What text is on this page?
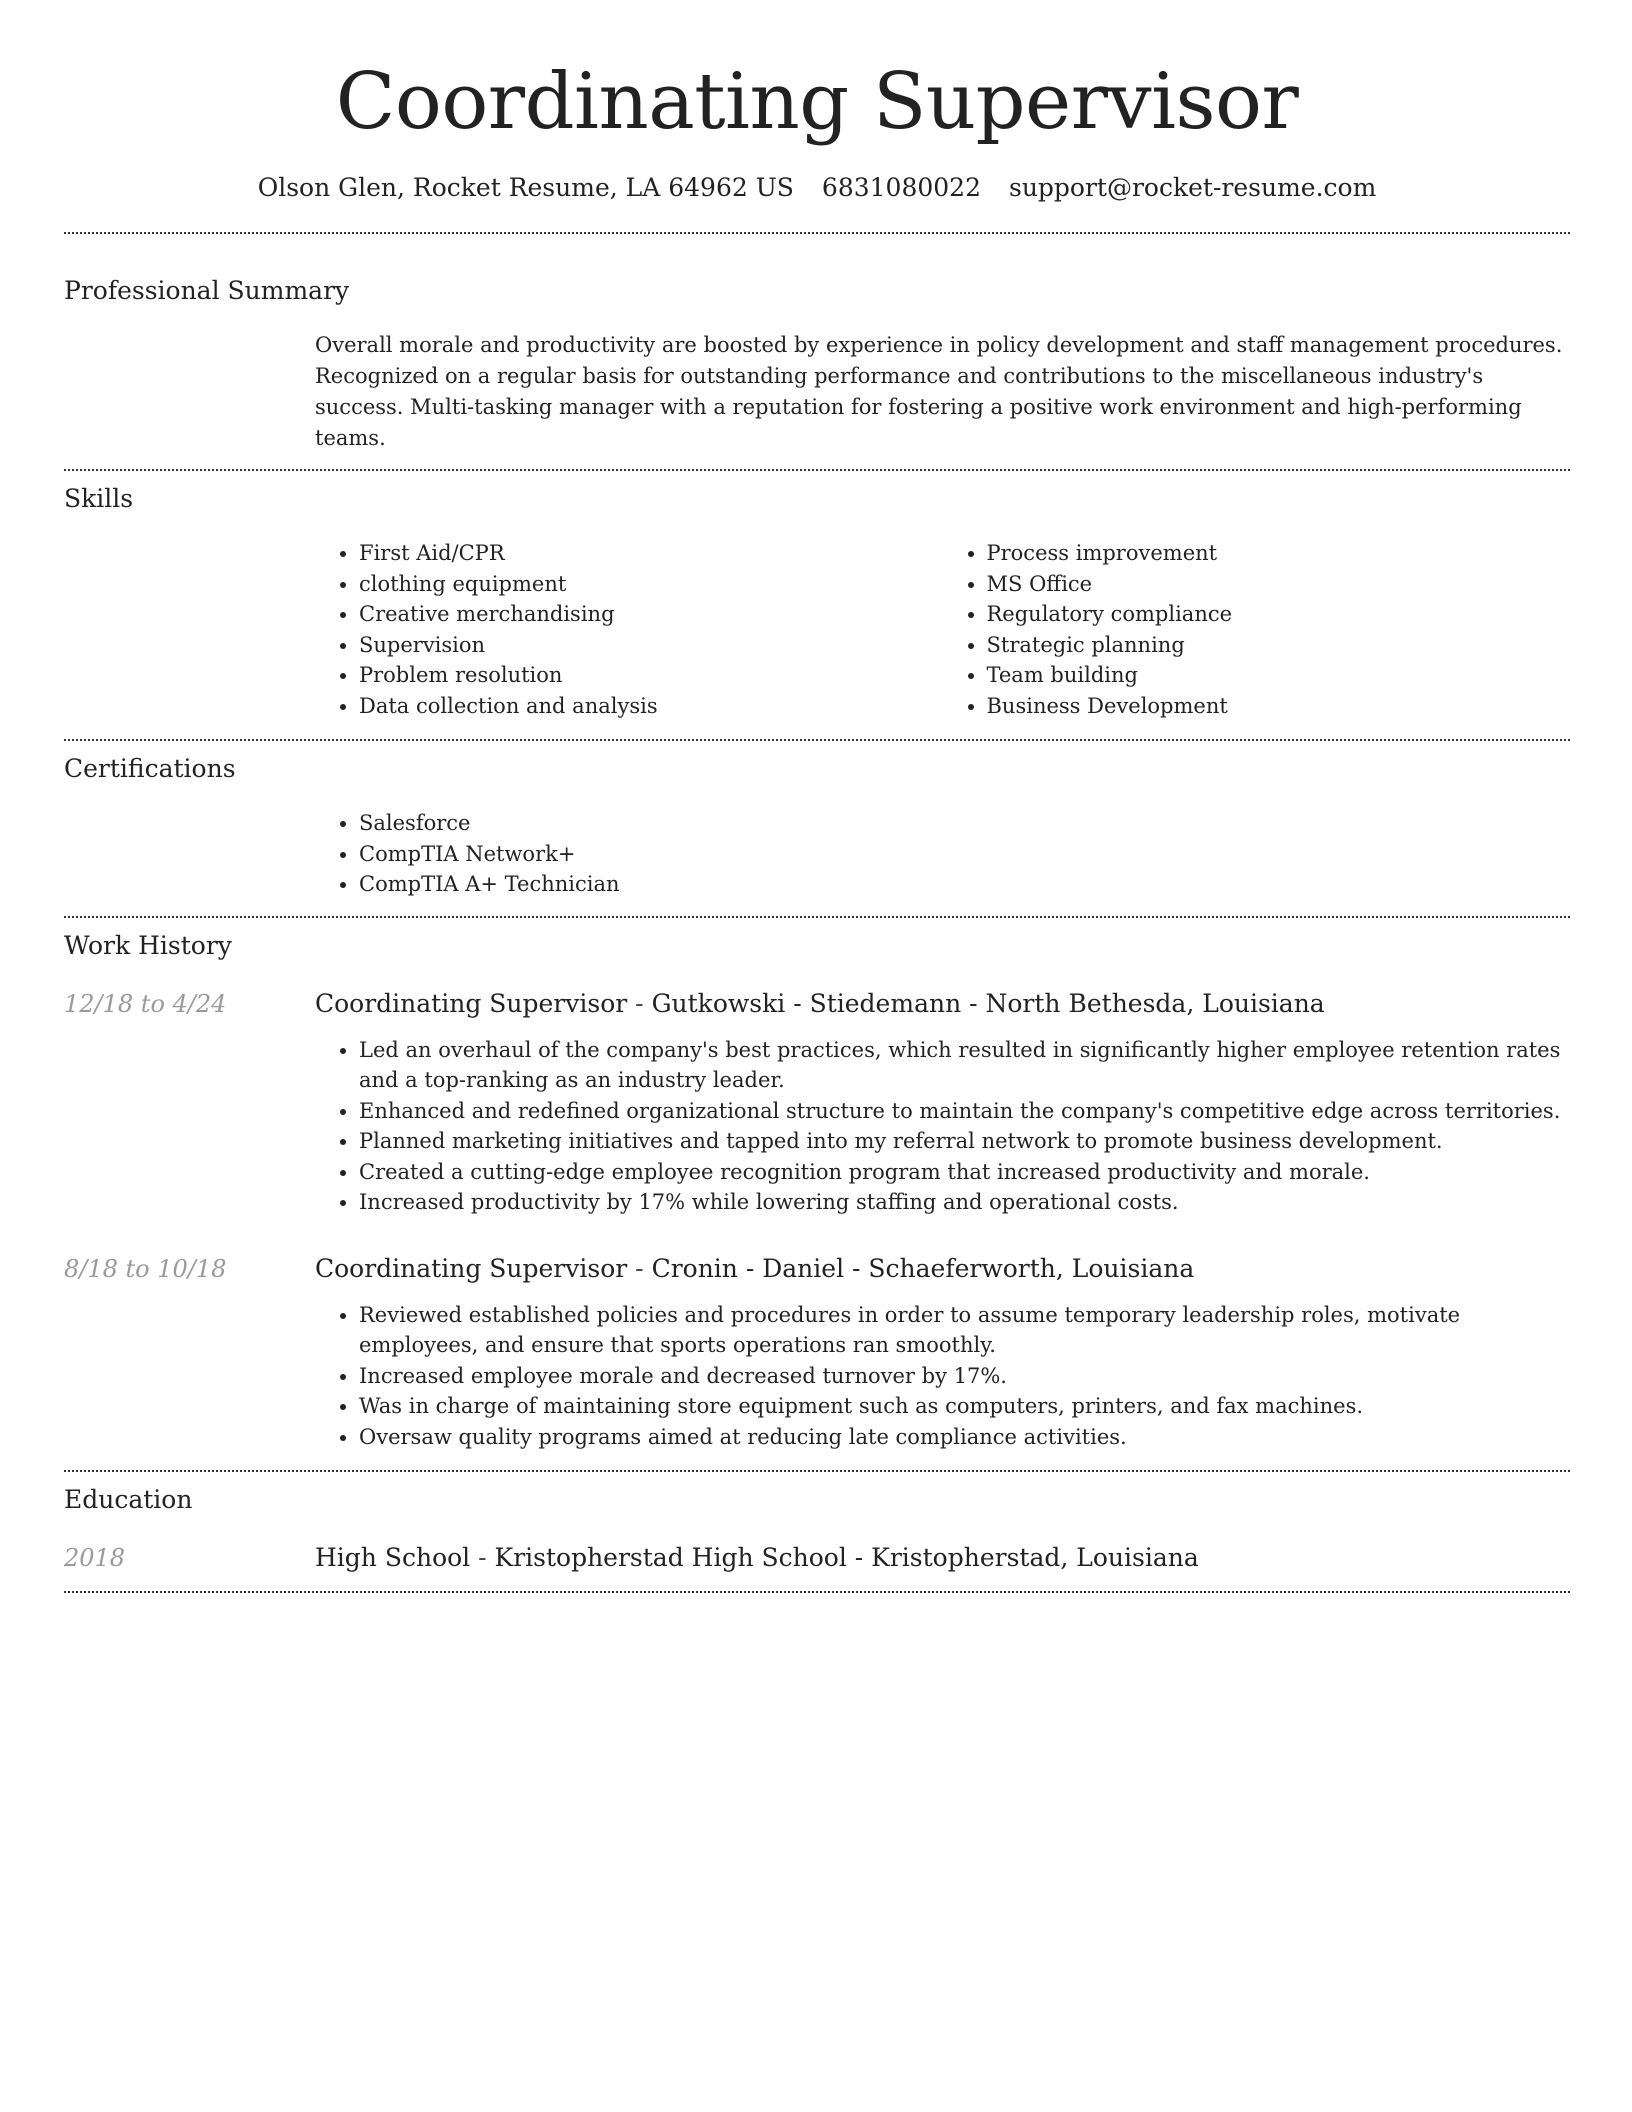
Coordinating Supervisor
Olson Glen, Rocket Resume, LA 64962 US 6831080022 support@rocket-resume.com
Professional Summary

Overall morale and productivity are boosted by experience in policy development and staff management procedures. Recognized on a regular basis for outstanding performance and contributions to the miscellaneous industry's success. Multi-tasking manager with a reputation for fostering a positive work environment and high-performing teams.

Skills
• First Aid/CPR
• clothing equipment
• Creative merchandising
• Supervision
• Problem resolution
• Data collection and analysis
• Process improvement
• MS Office
• Regulatory compliance
• Strategic planning
• Team building
• Business Development
Certifications
• Salesforce
• CompTIA Network+
• CompTIA A+ Technician
Work History
12/18 to 4/24	Coordinating Supervisor - Gutkowski - Stiedemann - North Bethesda, Louisiana
• Led an overhaul of the company's best practices, which resulted in significantly higher employee retention rates and a top-ranking as an industry leader.
• Enhanced and redefined organizational structure to maintain the company's competitive edge across territories.
• Planned marketing initiatives and tapped into my referral network to promote business development.
• Created a cutting-edge employee recognition program that increased productivity and morale.
• Increased productivity by 17% while lowering staffing and operational costs.
8/18 to 10/18	Coordinating Supervisor - Cronin - Daniel - Schaeferworth, Louisiana
• Reviewed established policies and procedures in order to assume temporary leadership roles, motivate employees, and ensure that sports operations ran smoothly.
• Increased employee morale and decreased turnover by 17%.
• Was in charge of maintaining store equipment such as computers, printers, and fax machines.
• Oversaw quality programs aimed at reducing late compliance activities.
Education
2018	High School - Kristopherstad High School - Kristopherstad, Louisiana
